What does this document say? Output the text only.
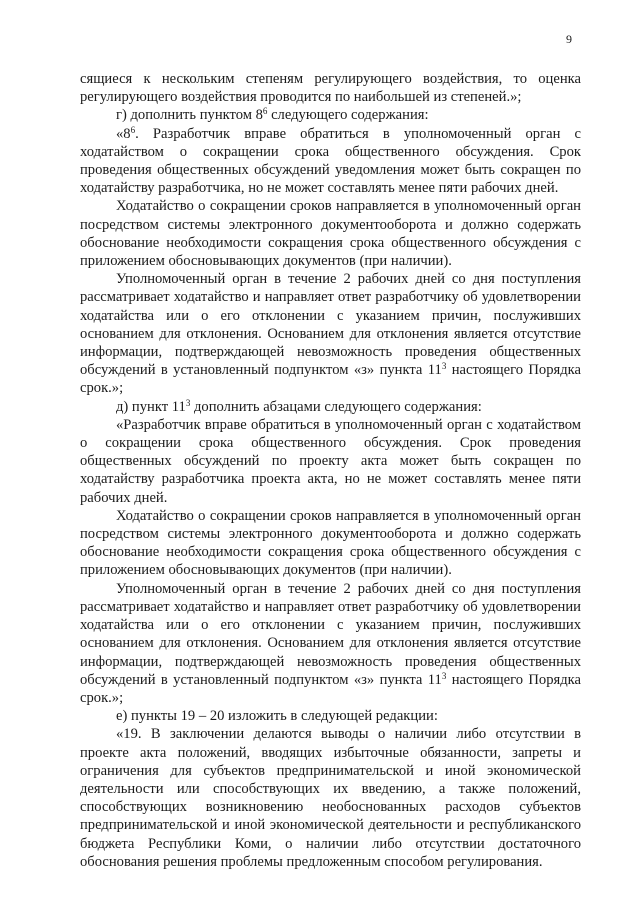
9

сящиеся к нескольким степеням регулирующего воздействия, то оценка регулирующего воздействия проводится по наибольшей из степеней.»;

г) дополнить пунктом $8^6$ следующего содержания:

«$8^6$. Разработчик вправе обратиться в уполномоченный орган с ходатайством о сокращении срока общественного обсуждения. Срок проведения общественных обсуждений уведомления может быть сокращен по ходатайству разработчика, но не может составлять менее пяти рабочих дней.

Ходатайство о сокращении сроков направляется в уполномоченный орган посредством системы электронного документооборота и должно содержать обоснование необходимости сокращения срока общественного обсуждения с приложением обосновывающих документов (при наличии).

Уполномоченный орган в течение 2 рабочих дней со дня поступления рассматривает ходатайство и направляет ответ разработчику об удовлетворении ходатайства или о его отклонении с указанием причин, послуживших основанием для отклонения. Основанием для отклонения является отсутствие информации, подтверждающей невозможность проведения общественных обсуждений в установленный подпунктом «з» пункта $11^3$ настоящего Порядка срок.»;

д) пункт $11^3$ дополнить абзацами следующего содержания:

«Разработчик вправе обратиться в уполномоченный орган с ходатайством о сокращении срока общественного обсуждения. Срок проведения общественных обсуждений по проекту акта может быть сокращен по ходатайству разработчика проекта акта, но не может составлять менее пяти рабочих дней.

Ходатайство о сокращении сроков направляется в уполномоченный орган посредством системы электронного документооборота и должно содержать обоснование необходимости сокращения срока общественного обсуждения с приложением обосновывающих документов (при наличии).

Уполномоченный орган в течение 2 рабочих дней со дня поступления рассматривает ходатайство и направляет ответ разработчику об удовлетворении ходатайства или о его отклонении с указанием причин, послуживших основанием для отклонения. Основанием для отклонения является отсутствие информации, подтверждающей невозможность проведения общественных обсуждений в установленный подпунктом «з» пункта $11^3$ настоящего Порядка срок.»;

е) пункты 19 – 20 изложить в следующей редакции:

«19. В заключении делаются выводы о наличии либо отсутствии в проекте акта положений, вводящих избыточные обязанности, запреты и ограничения для субъектов предпринимательской и иной экономической деятельности или способствующих их введению, а также положений, способствующих возникновению необоснованных расходов субъектов предпринимательской и иной экономической деятельности и республиканского бюджета Республики Коми, о наличии либо отсутствии достаточного обоснования решения проблемы предложенным способом регулирования.
